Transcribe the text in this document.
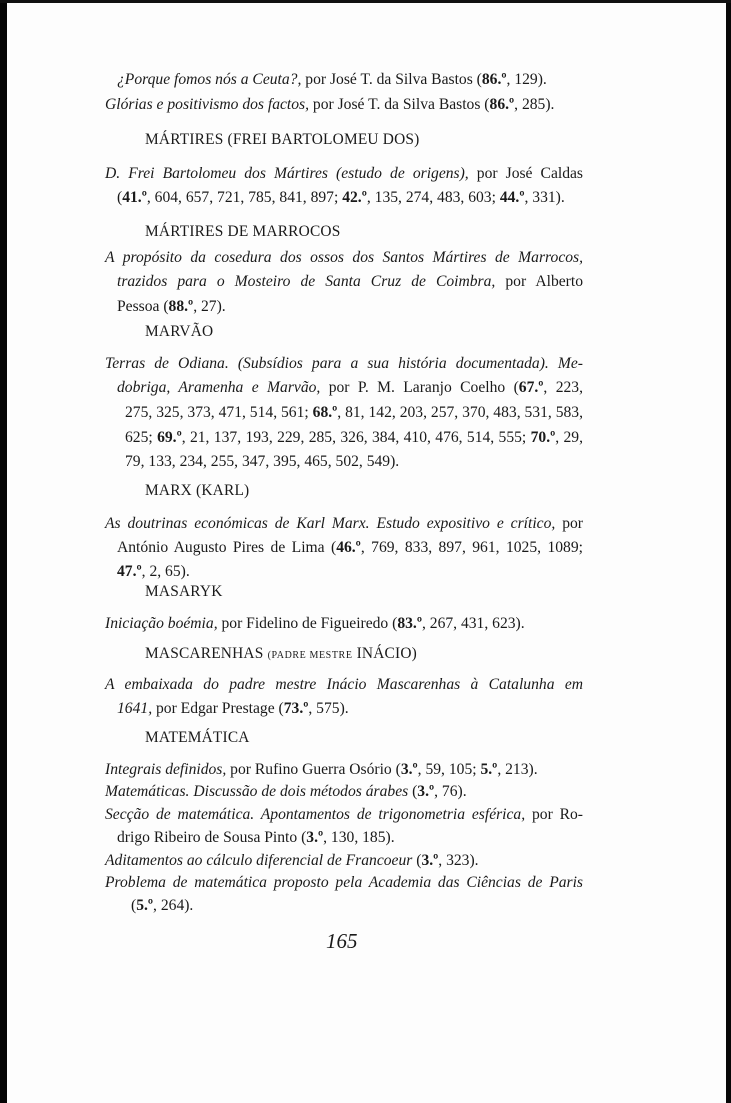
¿Porque fomos nós a Ceuta?, por José T. da Silva Bastos (86.º, 129).
Glórias e positivismo dos factos, por José T. da Silva Bastos (86.º, 285).
MÁRTIRES (FREI BARTOLOMEU DOS)
D. Frei Bartolomeu dos Mártires (estudo de origens), por José Caldas
(41.º, 604, 657, 721, 785, 841, 897; 42.º, 135, 274, 483, 603; 44.º, 331).
MÁRTIRES DE MARROCOS
A propósito da cosedura dos ossos dos Santos Mártires de Marrocos,
trazidos para o Mosteiro de Santa Cruz de Coimbra, por Alberto
Pessoa (88.º, 27).
MARVÃO
Terras de Odiana. (Subsídios para a sua história documentada). Me-
dobriga, Aramenha e Marvão, por P. M. Laranjo Coelho (67.º, 223,
275, 325, 373, 471, 514, 561; 68.º, 81, 142, 203, 257, 370, 483, 531, 583,
625; 69.º, 21, 137, 193, 229, 285, 326, 384, 410, 476, 514, 555; 70.º, 29,
79, 133, 234, 255, 347, 395, 465, 502, 549).
MARX (KARL)
As doutrinas económicas de Karl Marx. Estudo expositivo e crítico, por
António Augusto Pires de Lima (46.º, 769, 833, 897, 961, 1025, 1089;
47.º, 2, 65).
MASARYK
Iniciação boémia, por Fidelino de Figueiredo (83.º, 267, 431, 623).
MASCARENHAS (PADRE MESTRE INÁCIO)
A embaixada do padre mestre Inácio Mascarenhas à Catalunha em
1641, por Edgar Prestage (73.º, 575).
MATEMÁTICA
Integrais definidos, por Rufino Guerra Osório (3.º, 59, 105; 5.º, 213).
Matemáticas. Discussão de dois métodos árabes (3.º, 76).
Secção de matemática. Apontamentos de trigonometria esférica, por Ro-
drigo Ribeiro de Sousa Pinto (3.º, 130, 185).
Aditamentos ao cálculo diferencial de Francoeur (3.º, 323).
Problema de matemática proposto pela Academia das Ciências de Paris
(5.º, 264).
165
